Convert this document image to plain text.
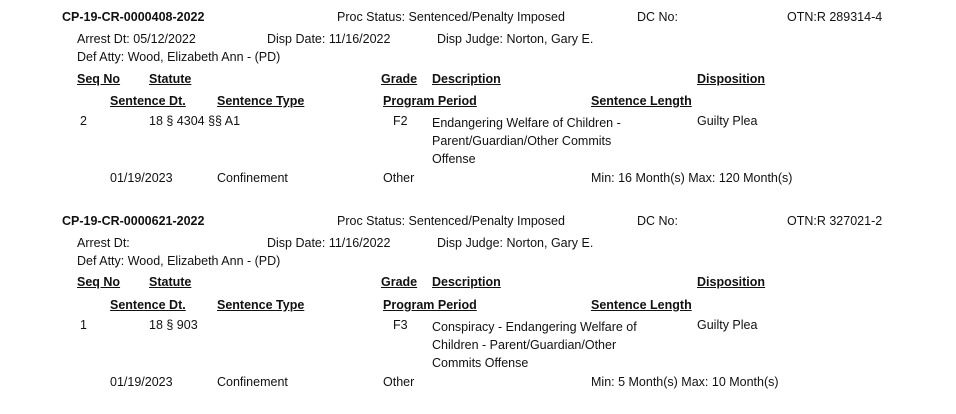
CP-19-CR-0000408-2022	Proc Status: Sentenced/Penalty Imposed	DC No:	OTN:R 289314-4
Arrest Dt: 05/12/2022	Disp Date: 11/16/2022	Disp Judge: Norton, Gary E.
Def Atty: Wood, Elizabeth Ann - (PD)
Seq No Statute	Grade Description	Disposition
Sentence Dt.	Sentence Type	Program Period	Sentence Length
2	18 § 4304 §§ A1	F2 Endangering Welfare of Children -
Parent/Guardian/Other Commits
Offense
Guilty Plea
01/19/2023	Confinement	Other	Min: 16 Month(s) Max: 120 Month(s)
CP-19-CR-0000621-2022	Proc Status: Sentenced/Penalty Imposed	DC No:	OTN:R 327021-2
Arrest Dt:	Disp Date: 11/16/2022	Disp Judge: Norton, Gary E.
Def Atty: Wood, Elizabeth Ann - (PD)
Seq No Statute	Grade Description	Disposition
Sentence Dt.	Sentence Type	Program Period	Sentence Length
1	18 § 903	F3 Conspiracy - Endangering Welfare of
Children - Parent/Guardian/Other
Commits Offense
Guilty Plea
01/19/2023	Confinement	Other	Min: 5 Month(s) Max: 10 Month(s)
